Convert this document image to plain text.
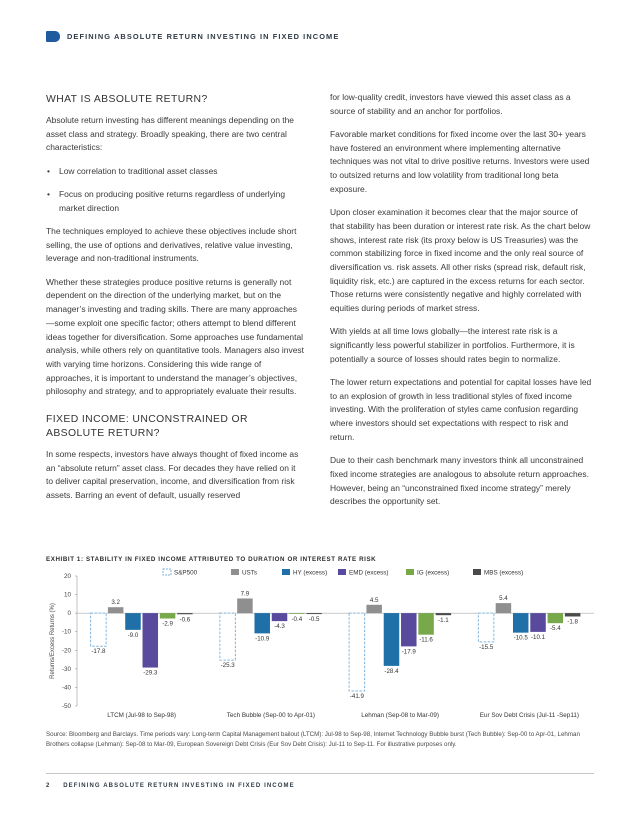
DEFINING ABSOLUTE RETURN INVESTING IN FIXED INCOME
WHAT IS ABSOLUTE RETURN?

Absolute return investing has different meanings depending on the asset class and strategy. Broadly speaking, there are two central characteristics:

• Low correlation to traditional asset classes

• Focus on producing positive returns regardless of underlying market direction

The techniques employed to achieve these objectives include short selling, the use of options and derivatives, relative value investing, leverage and non-traditional instruments.

Whether these strategies produce positive returns is generally not dependent on the direction of the underlying market, but on the manager’s investing and trading skills. There are many approaches—some exploit one specific factor; others attempt to blend different ideas together for diversification. Some approaches use fundamental analysis, while others rely on quantitative tools. Managers also invest with varying time horizons. Considering this wide range of approaches, it is important to understand the manager’s objectives, philosophy and strategy, and to appropriately evaluate their results.

FIXED INCOME: UNCONSTRAINED OR ABSOLUTE RETURN?

In some respects, investors have always thought of fixed income as an “absolute return” asset class. For decades they have relied on it to deliver capital preservation, income, and diversification from risk assets. Barring an event of default, usually reserved

for low-quality credit, investors have viewed this asset class as a source of stability and an anchor for portfolios.

Favorable market conditions for fixed income over the last 30+ years have fostered an environment where implementing alternative techniques was not vital to drive positive returns. Investors were used to outsized returns and low volatility from traditional long beta exposure.

Upon closer examination it becomes clear that the major source of that stability has been duration or interest rate risk. As the chart below shows, interest rate risk (its proxy below is US Treasuries) was the common stabilizing force in fixed income and the only real source of diversification vs. risk assets. All other risks (spread risk, default risk, liquidity risk, etc.) are captured in the excess returns for each sector. Those returns were consistently negative and highly correlated with equities during periods of market stress.

With yields at all time lows globally—the interest rate risk is a significantly less powerful stabilizer in portfolios. Furthermore, it is potentially a source of losses should rates begin to normalize.

The lower return expectations and potential for capital losses have led to an explosion of growth in less traditional styles of fixed income investing. With the proliferation of styles came confusion regarding where investors should set expectations with respect to risk and return.

Due to their cash benchmark many investors think all unconstrained fixed income strategies are analogous to absolute return approaches. However, being an “unconstrained fixed income strategy” merely describes the opportunity set.

EXHIBIT 1: STABILITY IN FIXED INCOME ATTRIBUTED TO DURATION OR INTEREST RATE RISK
Returns/Excess Returns (%)
20
10
0
-10
-20
-30
-40
-50
-17.8
3.2
-9.0
-29.3
-2.9
-0.6
LTCM (Jul-98 to Sep-98)
-25.3
7.9
-10.9
-4.3
-0.4 -0.5
Tech Bubble (Sep-00 to Apr-01)
-41.9
4.5
-28.4
-17.9
-11.6
-1.1
Lehman (Sep-08 to Mar-09)
-15.5
5.4
-10.5 -10.1
-5.4
-1.8
Eur Sov Debt Crisis (Jul-11 -Sep11)
S&P500	USTs	HY (excess)	EMD (excess)	IG (excess)	MBS (excess)
Source: Bloomberg and Barclays. Time periods vary: Long-term Capital Management bailout (LTCM): Jul-98 to Sep-98, Internet Technology Bubble burst (Tech Bubble): Sep-00 to Apr-01, Lehman Brothers collapse (Lehman): Sep-08 to Mar-09, European Sovereign Debt Crisis (Eur Sov Debt Crisis): Jul-11 to Sep-11. For illustrative purposes only.
2 DEFINING ABSOLUTE RETURN INVESTING IN FIXED INCOME
